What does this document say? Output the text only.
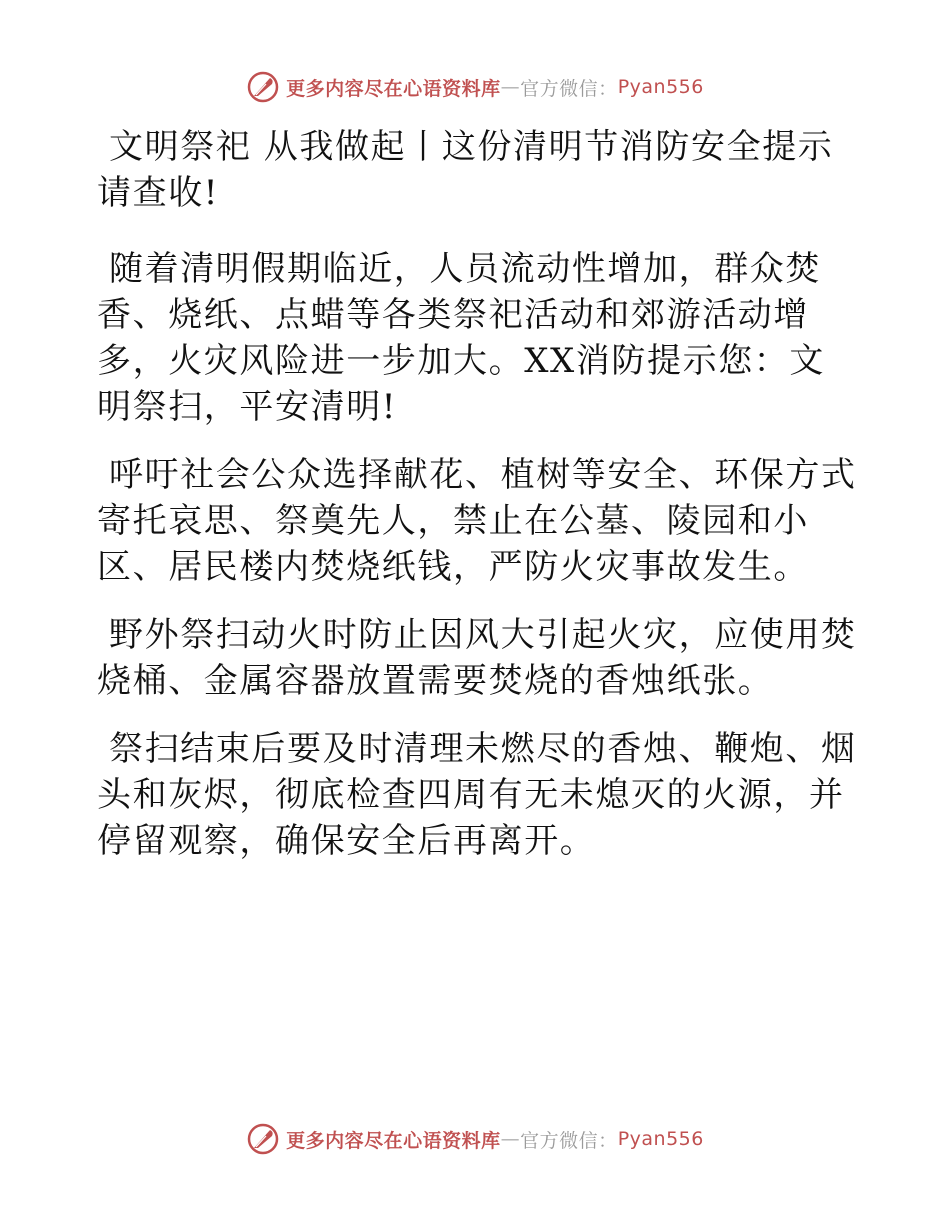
更多内容尽在心语资料库 — 官方微信： Pyan556

文明祭祀 从我做起丨这份清明节消防安全提示请查收!

随着清明假期临近，人员流动性增加，群众焚香、烧纸、点蜡等各类祭祀活动和郊游活动增多，火灾风险进一步加大。XX消防提示您：文明祭扫，平安清明!

呼吁社会公众选择献花、植树等安全、环保方式寄托哀思、祭奠先人，禁止在公墓、陵园和小区、居民楼内焚烧纸钱，严防火灾事故发生。

野外祭扫动火时防止因风大引起火灾，应使用焚烧桶、金属容器放置需要焚烧的香烛纸张。

祭扫结束后要及时清理未燃尽的香烛、鞭炮、烟头和灰烬，彻底检查四周有无未熄灭的火源，并停留观察，确保安全后再离开。

更多内容尽在心语资料库 — 官方微信： Pyan556
